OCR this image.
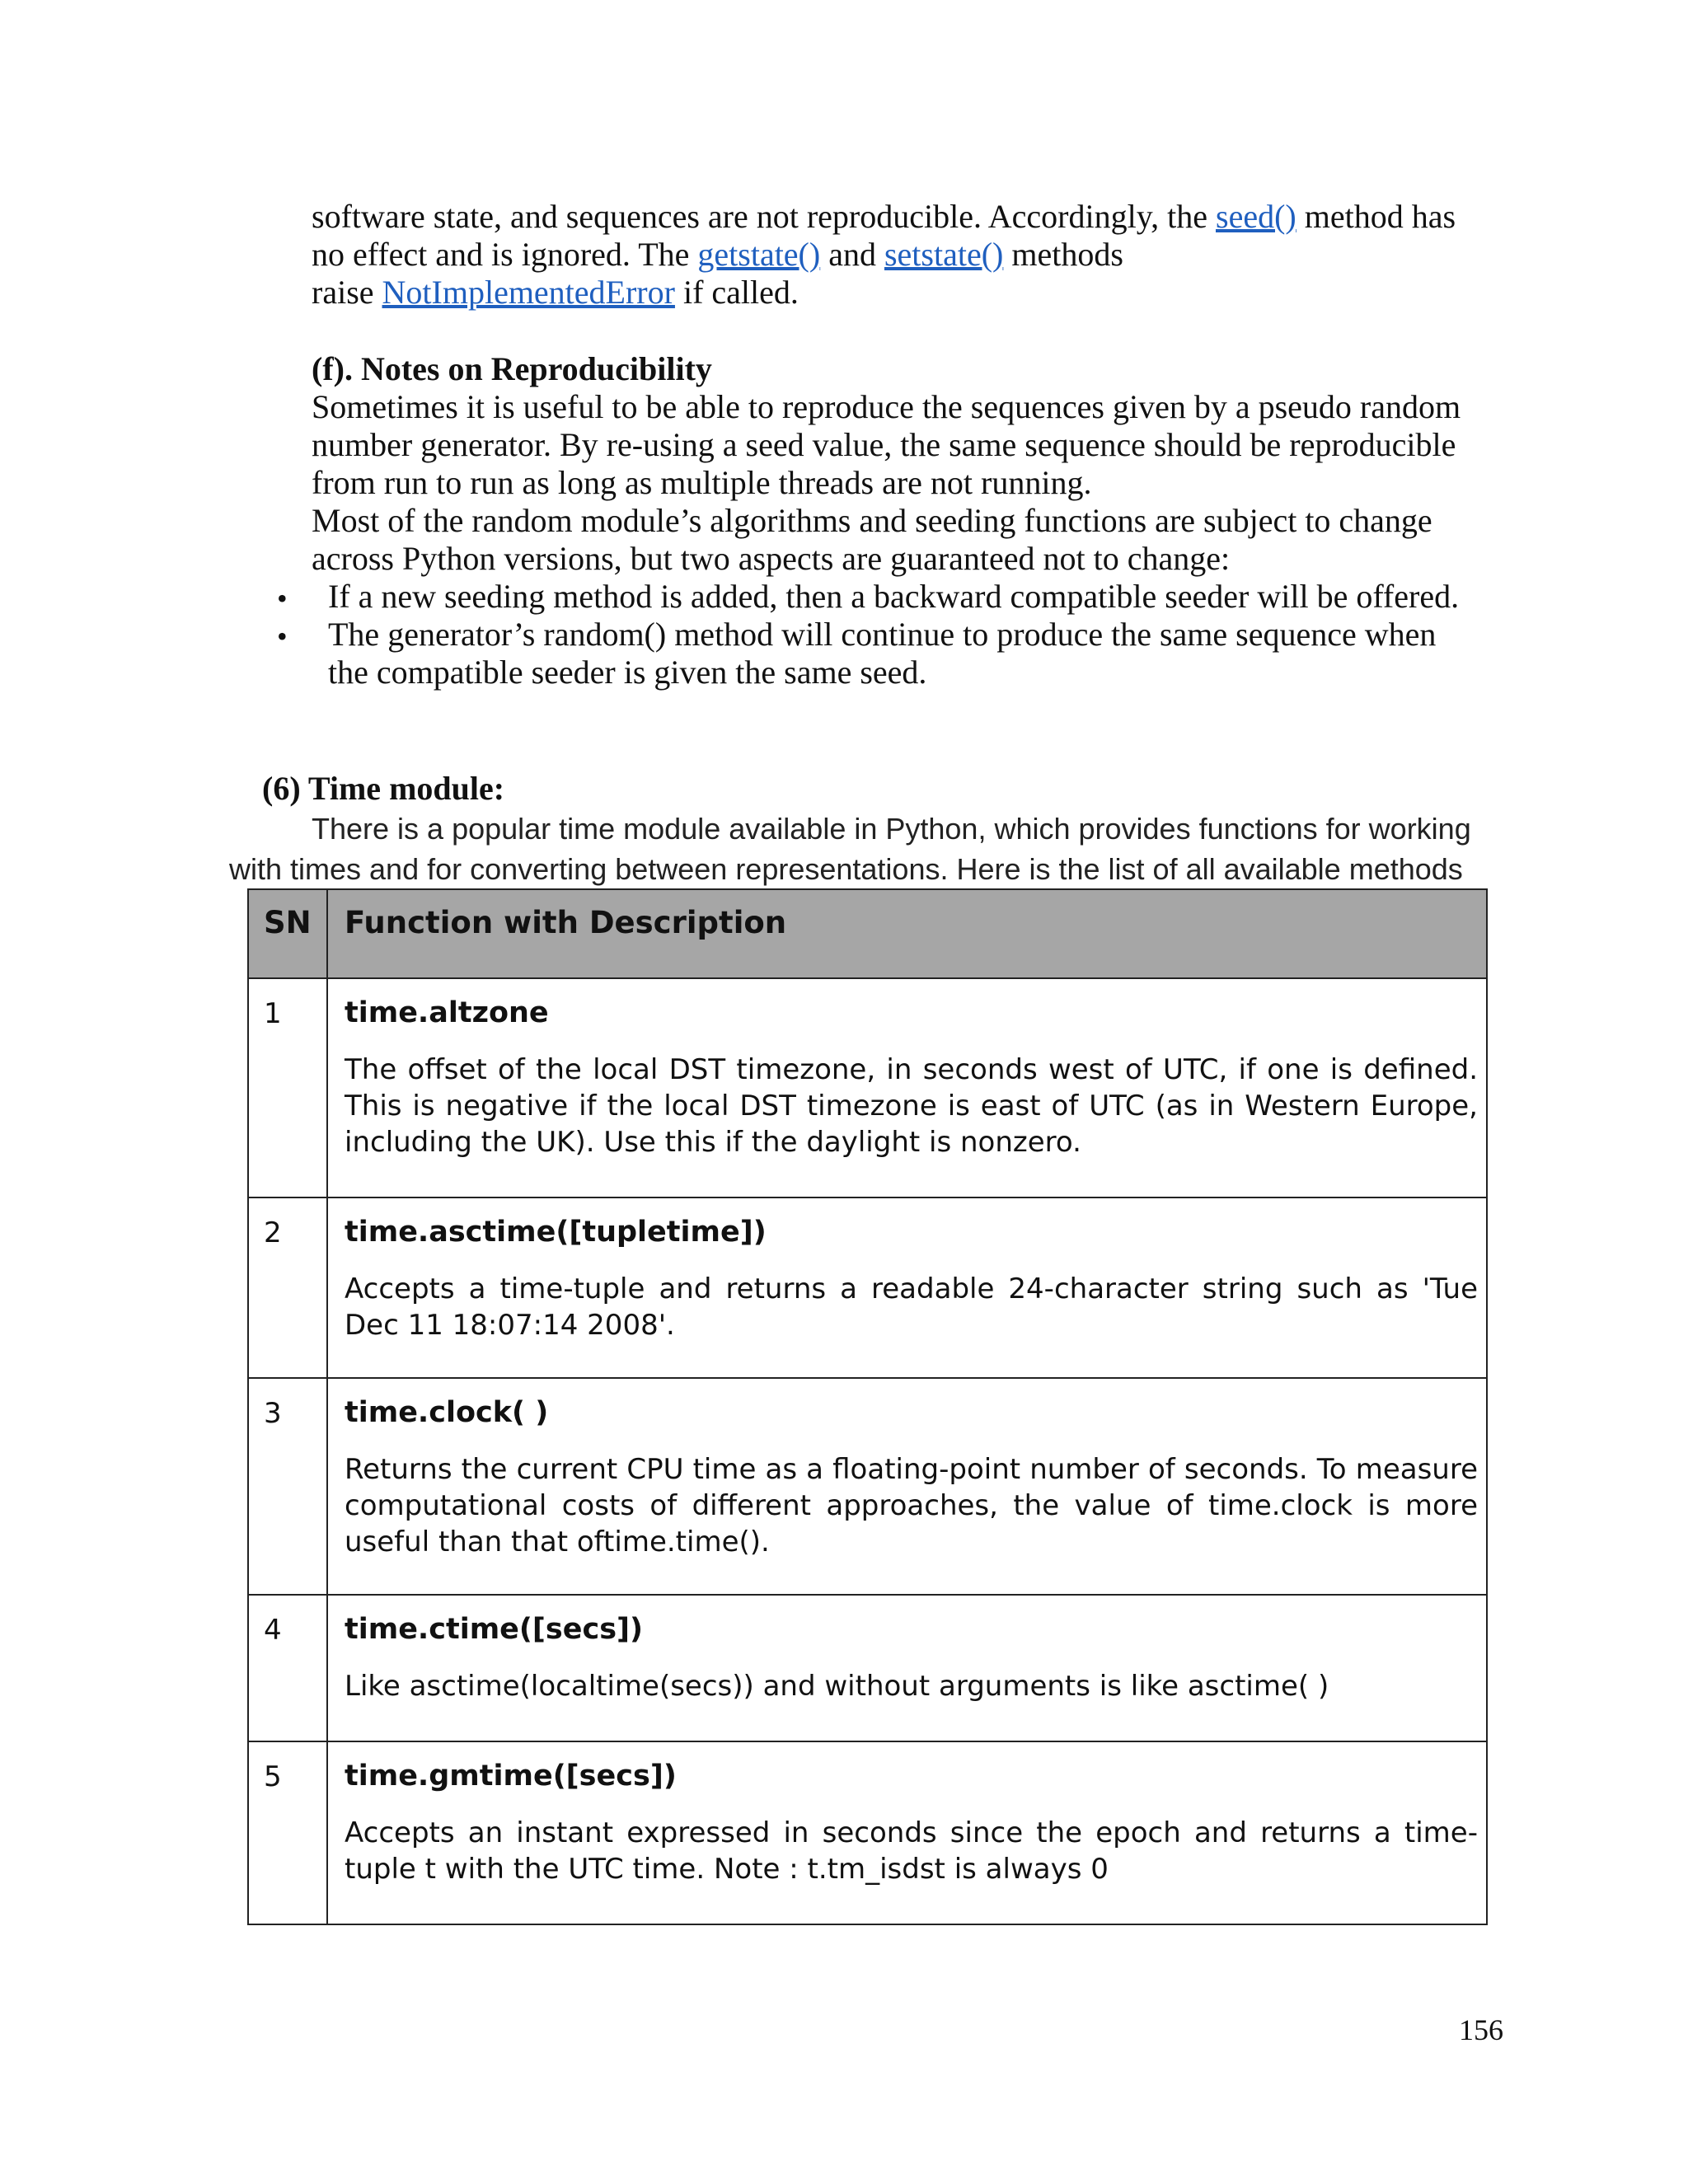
software state, and sequences are not reproducible. Accordingly, the seed() method has
no effect and is ignored. The getstate() and setstate() methods
raise NotImplementedError if called.
(f). Notes on Reproducibility
Sometimes it is useful to be able to reproduce the sequences given by a pseudo random
number generator. By re-using a seed value, the same sequence should be reproducible
from run to run as long as multiple threads are not running.
Most of the random module’s algorithms and seeding functions are subject to change
across Python versions, but two aspects are guaranteed not to change:
• If a new seeding method is added, then a backward compatible seeder will be offered.
• The generator’s random() method will continue to produce the same sequence when
the compatible seeder is given the same seed.
(6) Time module:
There is a popular time module available in Python, which provides functions for working
with times and for converting between representations. Here is the list of all available methods
SN	Function with Description
1	time.altzone
The offset of the local DST timezone, in seconds west of UTC, if one is defined. This is negative if the local DST timezone is east of UTC (as in Western Europe, including the UK). Use this if the daylight is nonzero.

2	time.asctime([tupletime])
Accepts a time-tuple and returns a readable 24-character string such as 'Tue Dec 11 18:07:14 2008'.

3	time.clock( )
Returns the current CPU time as a floating-point number of seconds. To measure computational costs of different approaches, the value of time.clock is more useful than that oftime.time().

4	time.ctime([secs])
Like asctime(localtime(secs)) and without arguments is like asctime( )

5	time.gmtime([secs])
Accepts an instant expressed in seconds since the epoch and returns a time-tuple t with the UTC time. Note : t.tm_isdst is always 0
156
